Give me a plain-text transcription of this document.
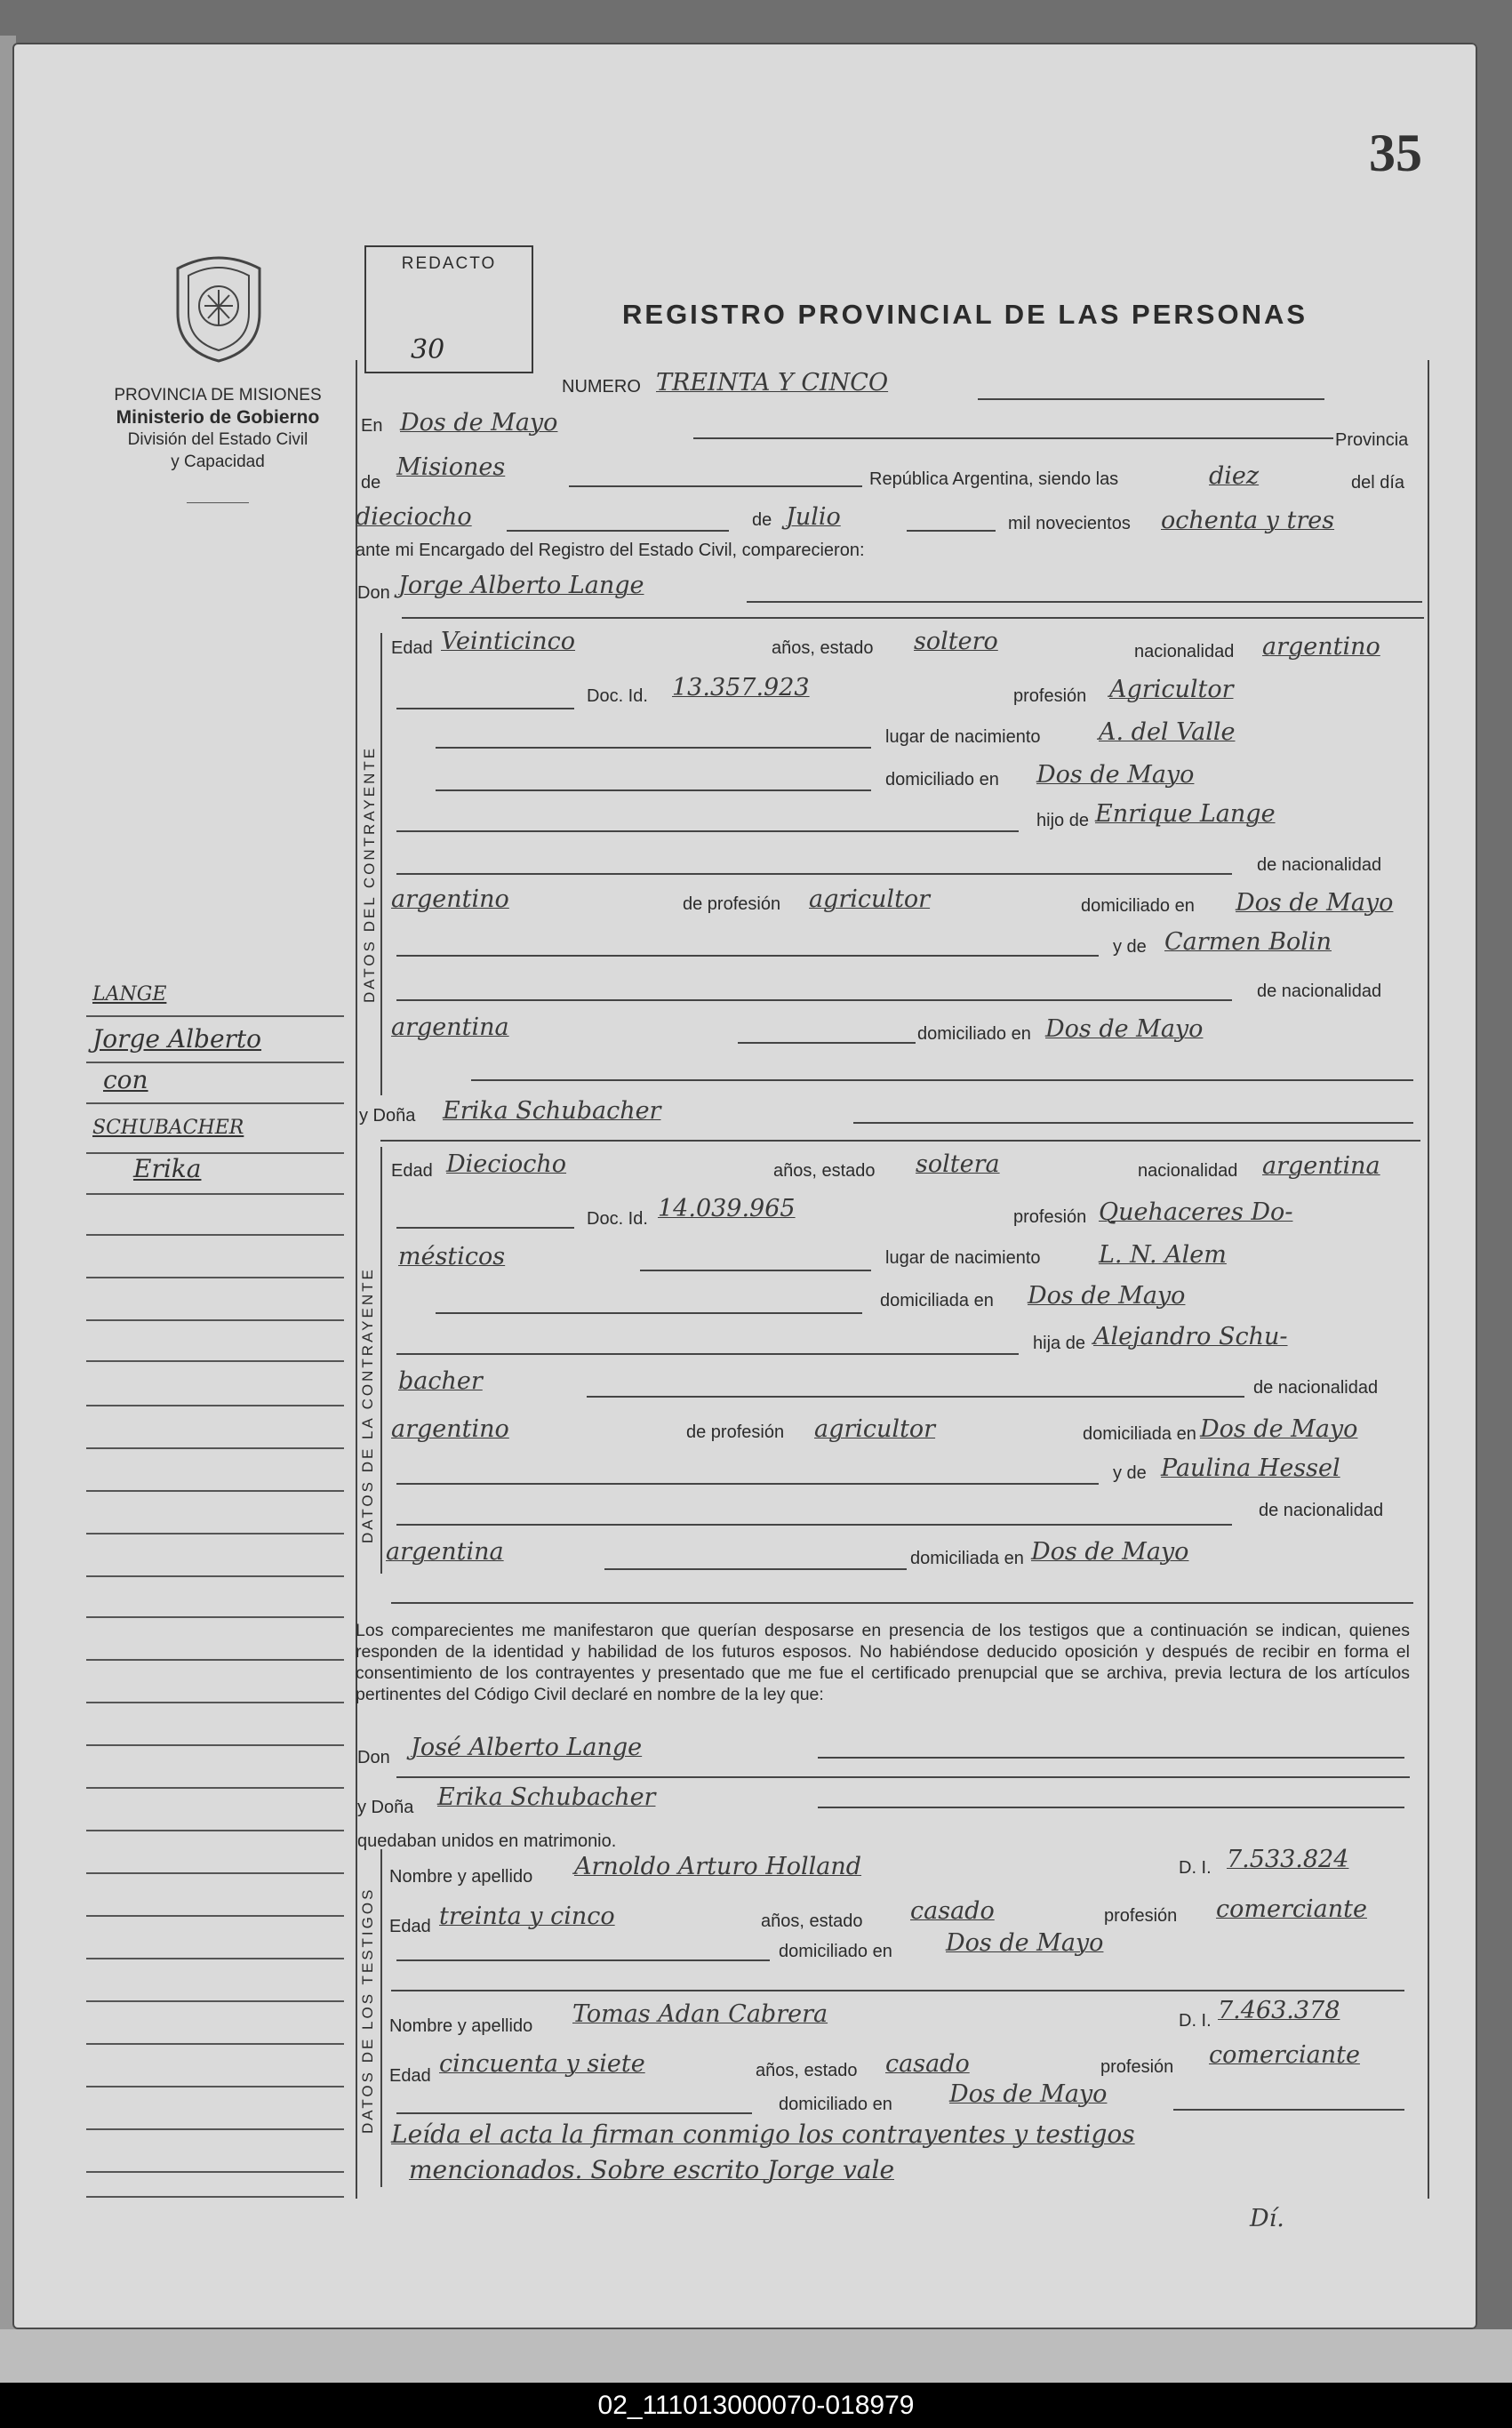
02_111013000070-018979
35
PROVINCIA DE MISIONES
Ministerio de Gobierno
División del Estado Civil
y Capacidad
REDACTO
30
REGISTRO PROVINCIAL DE LAS PERSONAS
NUMERO TREINTA Y CINCO
En Dos de Mayo
Provincia
de
Misiones	República Argentina, siendo las	diez	del día
dieciocho	de Julio	mil novecientos ochenta y tres
ante mi Encargado del Registro del Estado Civil, comparecieron:
Don Jorge Alberto Lange
DATOS DEL CONTRAYENTE
Edad Veinticinco	años, estado soltero	nacionalidad argentino
Doc. Id. 13.357.923	profesión Agricultor
lugar de nacimiento A. del Valle
domiciliado en Dos de Mayo
hijo de Enrique Lange
de nacionalidad
argentino	de profesión agricultor	domiciliado en Dos de Mayo
y de Carmen Bolin
de nacionalidad
argentina	domiciliado en Dos de Mayo
y Doña Erika Schubacher
DATOS DE LA CONTRAYENTE
Edad Dieciocho	años, estado soltera	nacionalidad argentina
Doc. Id. 14.039.965	profesión Quehaceres Do-
mésticos	lugar de nacimiento L. N. Alem
domiciliada en Dos de Mayo
hija de Alejandro Schu-
bacher	de nacionalidad
argentino	de profesión agricultor	domiciliada en Dos de Mayo
y de Paulina Hessel
de nacionalidad
argentina	domiciliada en Dos de Mayo
Los comparecientes me manifestaron que querían desposarse en presencia de los testigos que a continuación se indican, quienes responden de la identidad y habilidad de los futuros esposos. No habiéndose deducido oposición y después de recibir en forma el consentimiento de los contrayentes y presentado que me fue el certificado prenupcial que se archiva, previa lectura de los artículos pertinentes del Código Civil declaré en nombre de la ley que:
Don José Alberto Lange
y Doña Erika Schubacher
quedaban unidos en matrimonio.
DATOS DE LOS TESTIGOS
Nombre y apellido Arnoldo Arturo Holland	D. I. 7.533.824
Edad treinta y cinco	años, estado casado	profesión comerciante
domiciliado en Dos de Mayo
Nombre y apellido Tomas Adan Cabrera	D. I. 7.463.378
Edad cincuenta y siete	años, estado casado	profesión comerciante
domiciliado en Dos de Mayo
Leída el acta la firman conmigo los contrayentes y testigos
mencionados. Sobre escrito Jorge vale
Dí.
LANGE
Jorge Alberto
con
SCHUBACHER
Erika
